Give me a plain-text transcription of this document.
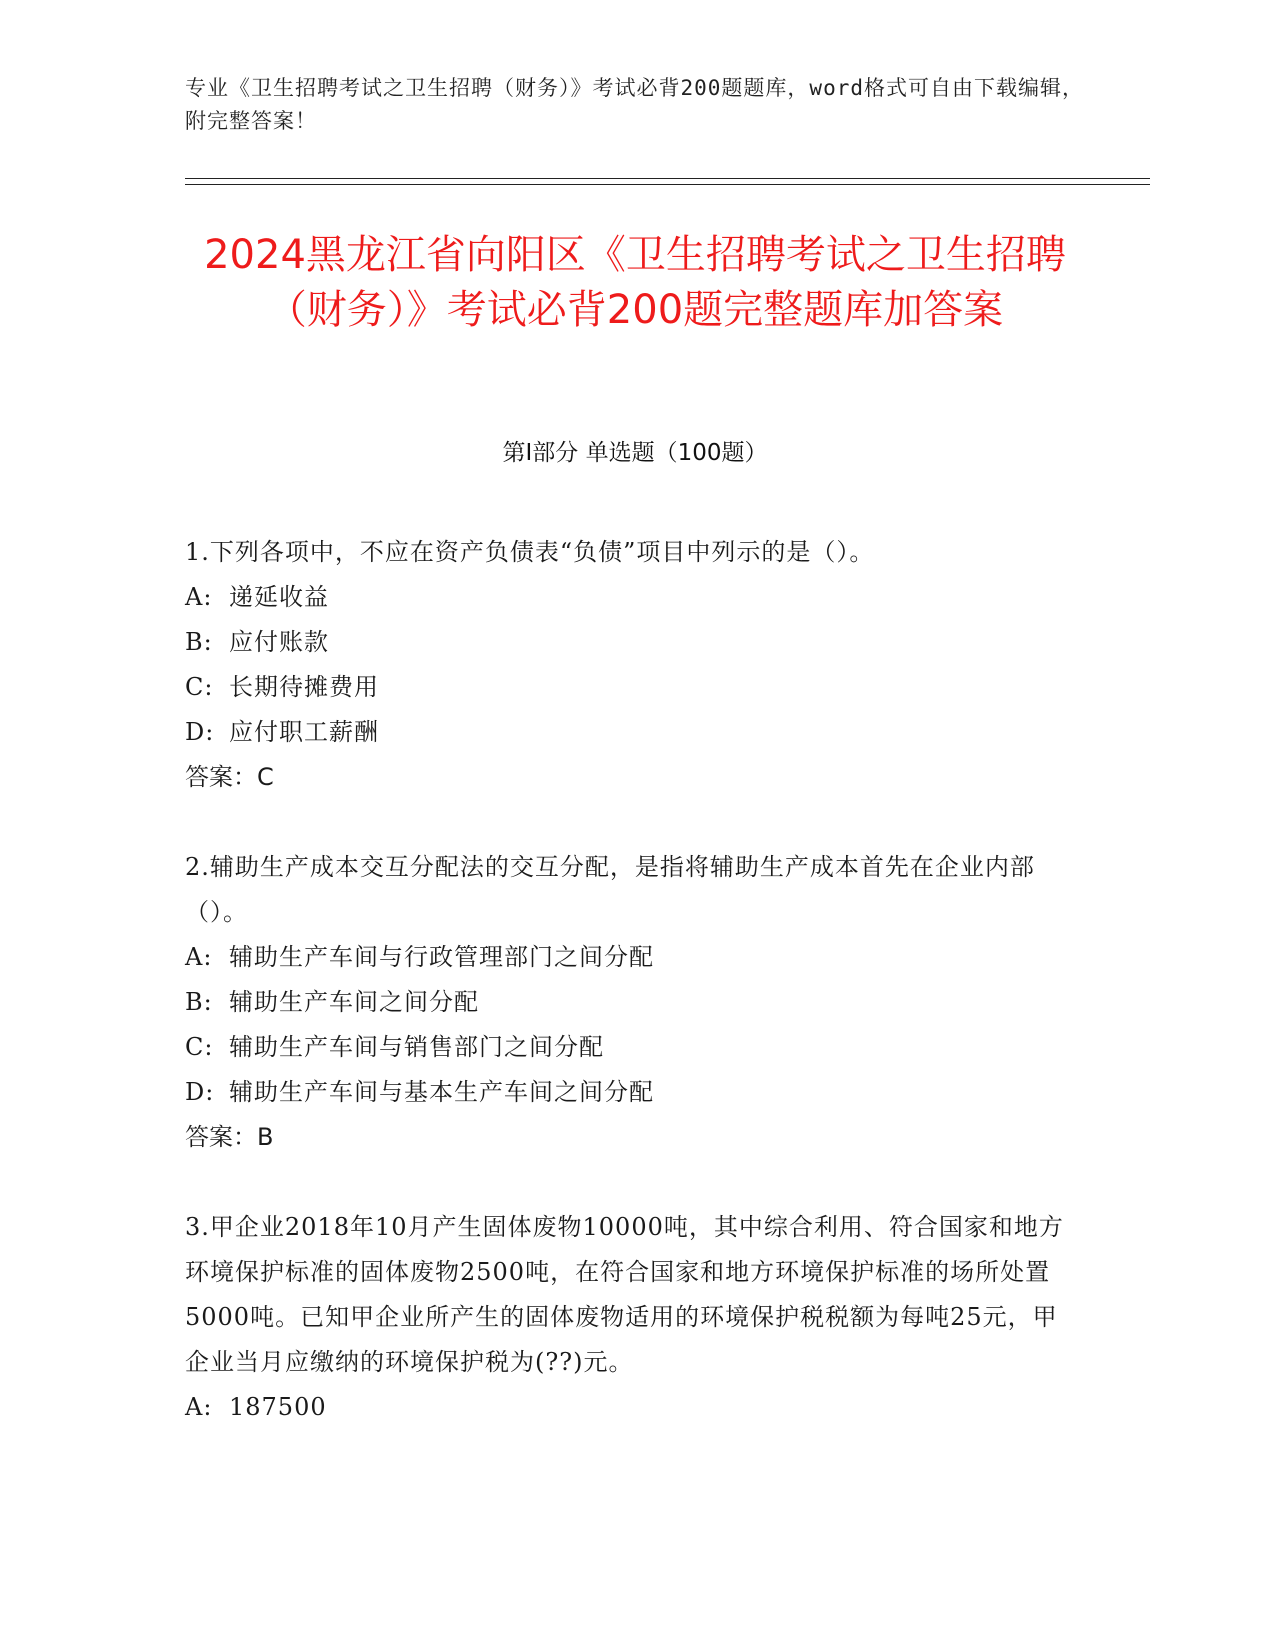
专业《卫生招聘考试之卫生招聘（财务）》考试必背200题题库，word格式可自由下载编辑，附完整答案！
2024黑龙江省向阳区《卫生招聘考试之卫生招聘（财务）》考试必背200题完整题库加答案
第I部分 单选题（100题）
1.下列各项中，不应在资产负债表“负债”项目中列示的是（）。
A: 递延收益
B: 应付账款
C: 长期待摊费用
D: 应付职工薪酬
答案：C
2.辅助生产成本交互分配法的交互分配，是指将辅助生产成本首先在企业内部（）。
A: 辅助生产车间与行政管理部门之间分配
B: 辅助生产车间之间分配
C: 辅助生产车间与销售部门之间分配
D: 辅助生产车间与基本生产车间之间分配
答案：B
3.甲企业2018年10月产生固体废物10000吨，其中综合利用、符合国家和地方环境保护标准的固体废物2500吨，在符合国家和地方环境保护标准的场所处置5000吨。已知甲企业所产生的固体废物适用的环境保护税税额为每吨25元，甲企业当月应缴纳的环境保护税为(??)元。
A: 187500
